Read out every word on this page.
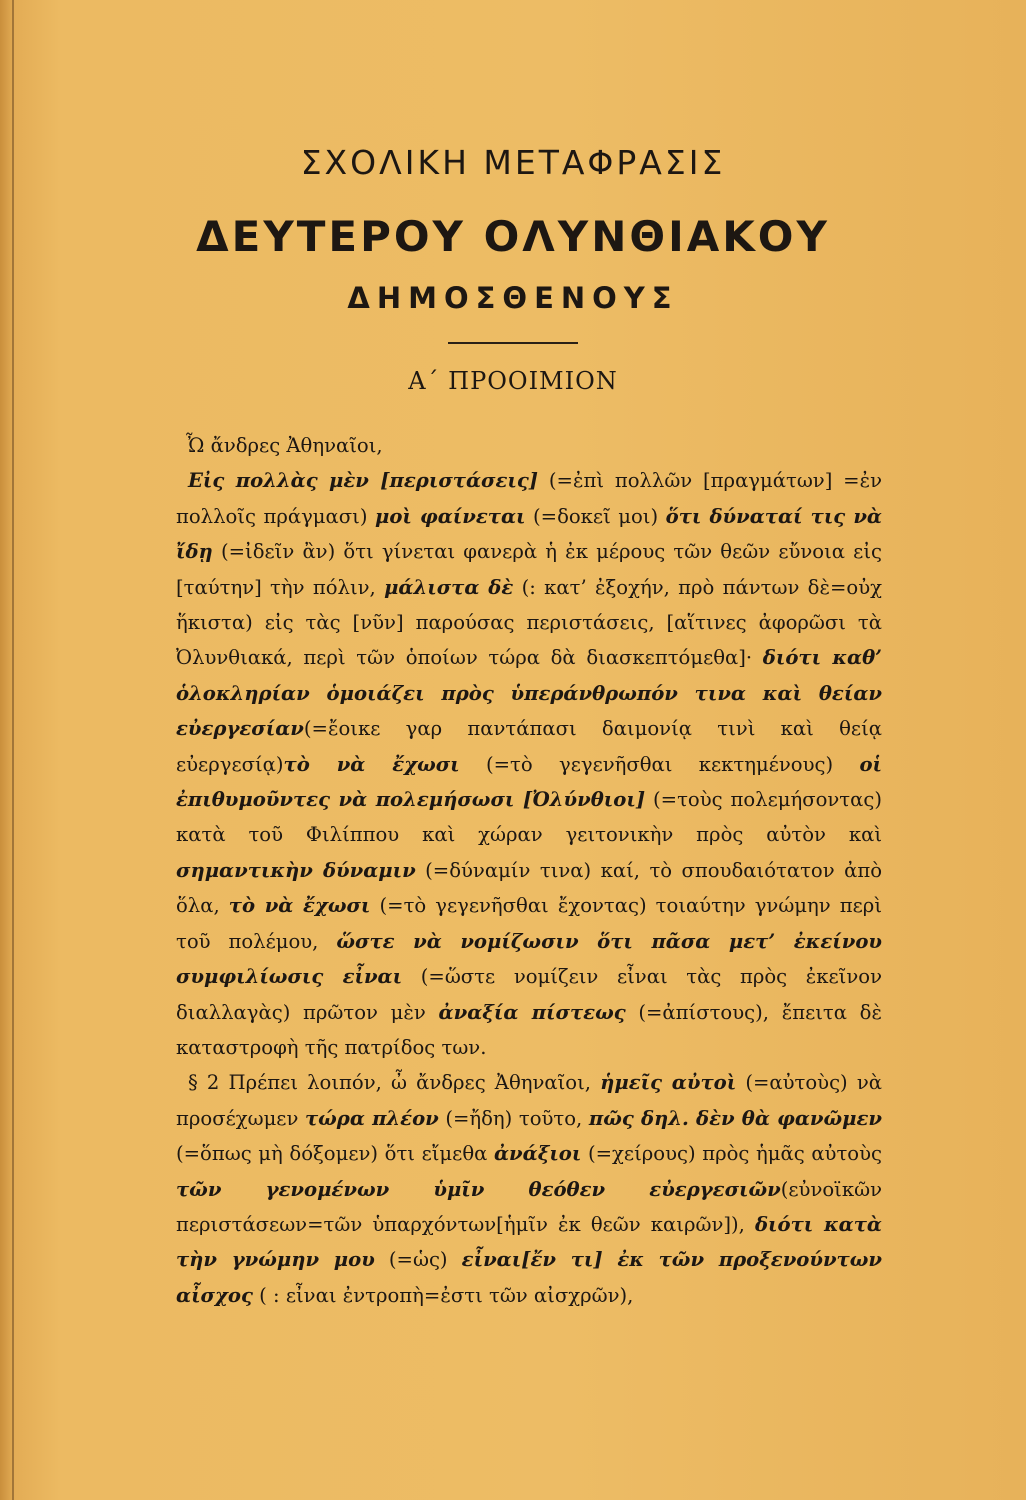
ΣΧΟΛΙΚΗ ΜΕΤΑΦΡΑΣΙΣ

ΔΕΥΤΕΡΟΥ ΟΛΥΝΘΙΑΚΟΥ

ΔΗΜΟΣΘΕΝΟΥΣ

Α΄ ΠΡΟΟΙΜΙΟΝ

Ὦ ἄνδρες Ἀθηναῖοι,

Εἰς πολλὰς μὲν [περιστάσεις] (=ἐπὶ πολλῶν [πραγμάτων] =ἐν πολλοῖς πράγμασι) μοὶ φαίνεται (=δοκεῖ μοι) ὅτι δύναταί τις νὰ ἴδῃ (=ἰδεῖν ἂν) ὅτι γίνεται φανερὰ ἡ ἐκ μέρους τῶν θεῶν εὔνοια εἰς [ταύτην] τὴν πόλιν, μάλιστα δὲ (: κατ’ ἐξοχήν, πρὸ πάντων δὲ=οὐχ ἥκιστα) εἰς τὰς [νῦν] παρούσας περιστάσεις, [αἵτινες ἀφορῶσι τὰ Ὀλυνθιακά, περὶ τῶν ὁποίων τώρα δὰ διασκεπτόμεθα]· διότι καθ’ ὁλοκληρίαν ὁμοιάζει πρὸς ὑπεράνθρωπόν τινα καὶ θείαν εὐεργεσίαν(=ἔοικε γαρ παντάπασι δαιμονίᾳ τινὶ καὶ θείᾳ εὐεργεσίᾳ)τὸ νὰ ἔχωσι (=τὸ γεγενῆσθαι κεκτημένους) οἱ ἐπιθυμοῦντες νὰ πολεμήσωσι [Ὀλύνθιοι] (=τοὺς πολεμήσοντας) κατὰ τοῦ Φιλίππου καὶ χώραν γειτονικὴν πρὸς αὐτὸν καὶ σημαντικὴν δύναμιν (=δύναμίν τινα) καί, τὸ σπουδαιότατον ἀπὸ ὅλα, τὸ νὰ ἔχωσι (=τὸ γεγενῆσθαι ἔχοντας) τοιαύτην γνώμην περὶ τοῦ πολέμου, ὥστε νὰ νομίζωσιν ὅτι πᾶσα μετ’ ἐκείνου συμφιλίωσις εἶναι (=ὥστε νομίζειν εἶναι τὰς πρὸς ἐκεῖνον διαλλαγὰς) πρῶτον μὲν ἀναξία πίστεως (=ἀπίστους), ἔπειτα δὲ καταστροφὴ τῆς πατρίδος των.

§ 2 Πρέπει λοιπόν, ὦ ἄνδρες Ἀθηναῖοι, ἡμεῖς αὐτοὶ (=αὐτοὺς) νὰ προσέχωμεν τώρα πλέον (=ἤδη) τοῦτο, πῶς δηλ. δὲν θὰ φανῶμεν (=ὅπως μὴ δόξομεν) ὅτι εἴμεθα ἀνάξιοι (=χείρους) πρὸς ἡμᾶς αὐτοὺς τῶν γενομένων ὑμῖν θεόθεν εὐεργεσιῶν(εὐνοϊκῶν περιστάσεων=τῶν ὑπαρχόντων[ἡμῖν ἐκ θεῶν καιρῶν]), διότι κατὰ τὴν γνώμην μου (=ὡς) εἶναι[ἔν τι] ἐκ τῶν προξενούντων αἶσχος ( : εἶναι ἐντροπὴ=ἐστι τῶν αἰσχρῶν),
